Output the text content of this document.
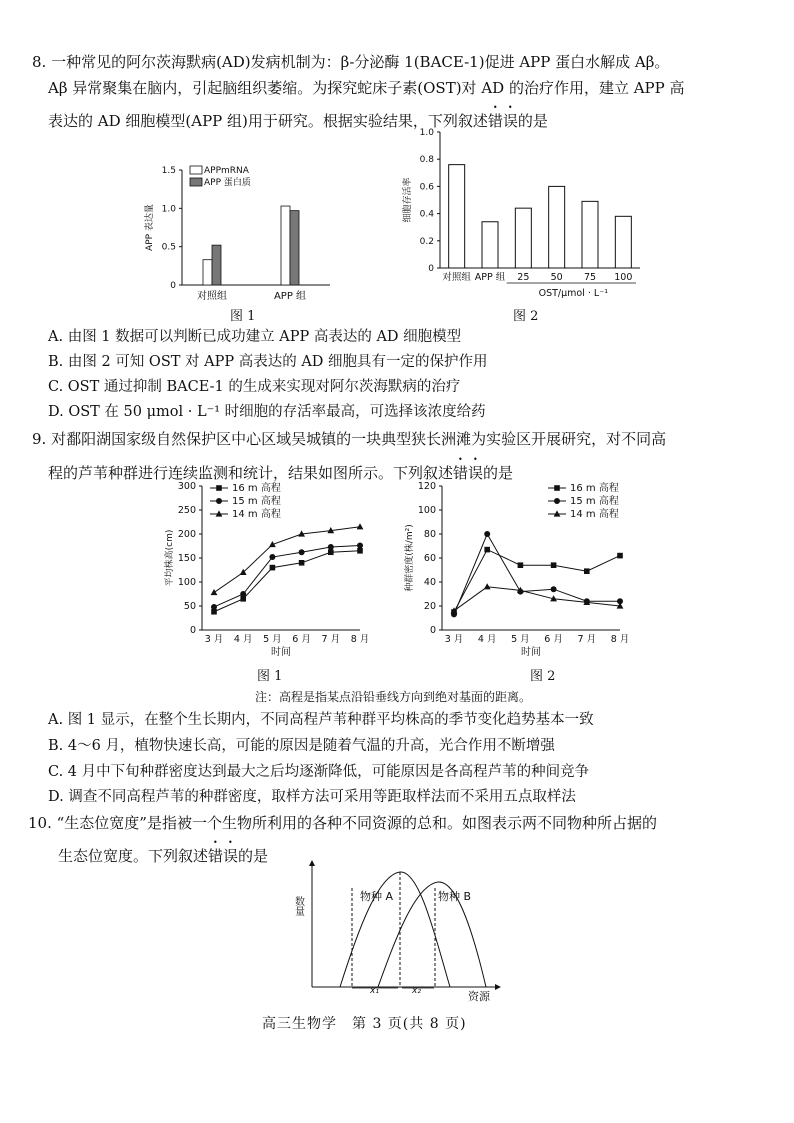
8. 一种常见的阿尔茨海默病(AD)发病机制为：β-分泌酶 1(BACE-1)促进 APP 蛋白水解成 Aβ。
Aβ 异常聚集在脑内，引起脑组织萎缩。为探究蛇床子素(OST)对 AD 的治疗作用，建立 APP 高
表达的 AD 细胞模型(APP 组)用于研究。根据实验结果，下列叙述错误的是
0
0.5
1.0
1.5
APP 表达量
对照组	APP 组
APPmRNA
APP 蛋白质
图 1
0
0.2
0.4
0.6
0.8
1.0
细胞存活率
对照组 APP 组 25 50 75 100
OST/μmol · L⁻¹
图 2
A. 由图 1 数据可以判断已成功建立 APP 高表达的 AD 细胞模型
B. 由图 2 可知 OST 对 APP 高表达的 AD 细胞具有一定的保护作用
C. OST 通过抑制 BACE-1 的生成来实现对阿尔茨海默病的治疗
D. OST 在 50 μmol · L⁻¹ 时细胞的存活率最高，可选择该浓度给药
9. 对鄱阳湖国家级自然保护区中心区域吴城镇的一块典型狭长洲滩为实验区开展研究，对不同高
程的芦苇种群进行连续监测和统计，结果如图所示。下列叙述错误的是
0
50
100
150
200
250
300
平均株高(cm)
3 月 4 月 5 月 6 月 7 月 8 月
时间
16 m 高程
15 m 高程
14 m 高程
图 1
0
20
40
60
80
100
120
种群密度(株/m²)
3 月 4 月 5 月 6 月 7 月 8 月
时间
16 m 高程
15 m 高程
14 m 高程
图 2
注：高程是指某点沿铅垂线方向到绝对基面的距离。
A. 图 1 显示，在整个生长期内，不同高程芦苇种群平均株高的季节变化趋势基本一致
B. 4～6 月，植物快速长高，可能的原因是随着气温的升高，光合作用不断增强
C. 4 月中下旬种群密度达到最大之后均逐渐降低，可能原因是各高程芦苇的种间竞争
D. 调查不同高程芦苇的种群密度，取样方法可采用等距取样法而不采用五点取样法
10. “生态位宽度”是指被一个生物所利用的各种不同资源的总和。如图表示两不同物种所占据的
生态位宽度。下列叙述错误的是
数量
x₁	x₂
物种 A	物种 B
资源
高三生物学　第 3 页(共 8 页)
